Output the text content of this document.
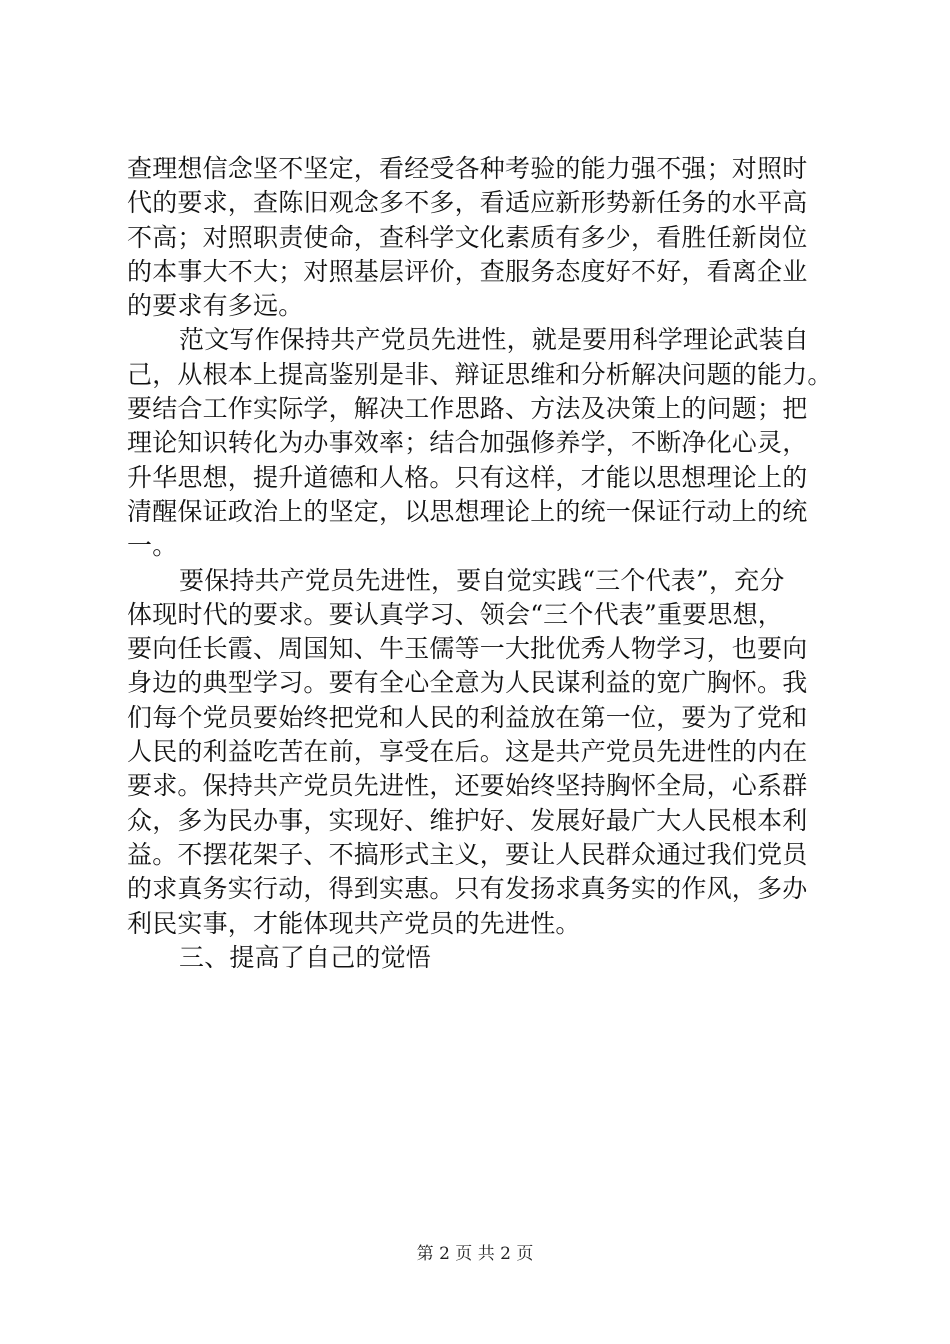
查理想信念坚不坚定，看经受各种考验的能力强不强；对照时
代的要求，查陈旧观念多不多，看适应新形势新任务的水平高
不高；对照职责使命，查科学文化素质有多少，看胜任新岗位
的本事大不大；对照基层评价，查服务态度好不好，看离企业
的要求有多远。
范文写作保持共产党员先进性，就是要用科学理论武装自
己，从根本上提高鉴别是非、辩证思维和分析解决问题的能力。
要结合工作实际学，解决工作思路、方法及决策上的问题；把
理论知识转化为办事效率；结合加强修养学，不断净化心灵，
升华思想，提升道德和人格。只有这样，才能以思想理论上的
清醒保证政治上的坚定，以思想理论上的统一保证行动上的统
一。
要保持共产党员先进性，要自觉实践“三个代表”，充分
体现时代的要求。要认真学习、领会“三个代表”重要思想，
要向任长霞、周国知、牛玉儒等一大批优秀人物学习，也要向
身边的典型学习。要有全心全意为人民谋利益的宽广胸怀。我
们每个党员要始终把党和人民的利益放在第一位，要为了党和
人民的利益吃苦在前，享受在后。这是共产党员先进性的内在
要求。保持共产党员先进性，还要始终坚持胸怀全局，心系群
众，多为民办事，实现好、维护好、发展好最广大人民根本利
益。不摆花架子、不搞形式主义，要让人民群众通过我们党员
的求真务实行动，得到实惠。只有发扬求真务实的作风，多办
利民实事，才能体现共产党员的先进性。
三、提高了自己的觉悟
第 2 页 共 2 页
